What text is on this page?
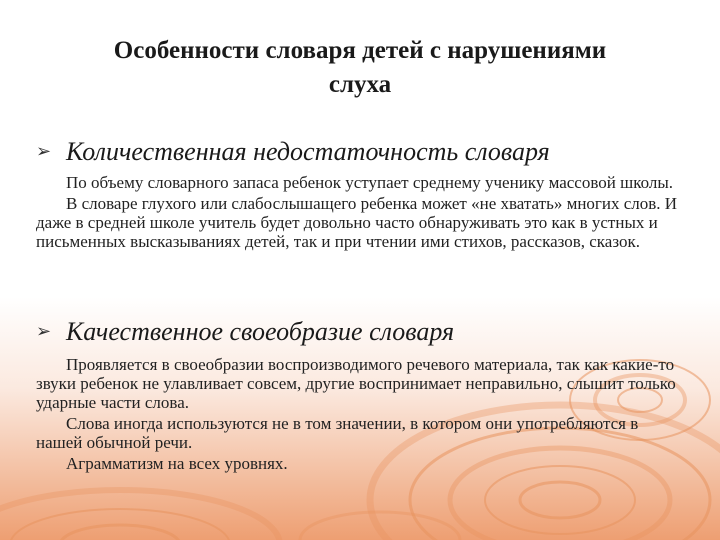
Особенности словаря детей с нарушениями
слуха
➢ Количественная недостаточность словаря

По объему словарного запаса ребенок уступает среднему ученику массовой школы.

В словаре глухого или слабослышащего ребенка может «не хватать» многих слов. И даже в средней школе учитель будет довольно часто обнаруживать это как в устных и письменных высказываниях детей, так и при чтении ими стихов, рассказов, сказок.

➢ Качественное своеобразие словаря

Проявляется в своеобразии воспроизводимого речевого материала, так как какие-то звуки ребенок не улавливает совсем, другие воспринимает неправильно, слышит только ударные части слова.

Слова иногда используются не в том значении, в котором они употребляются в нашей обычной речи.

Аграмматизм на всех уровнях.
